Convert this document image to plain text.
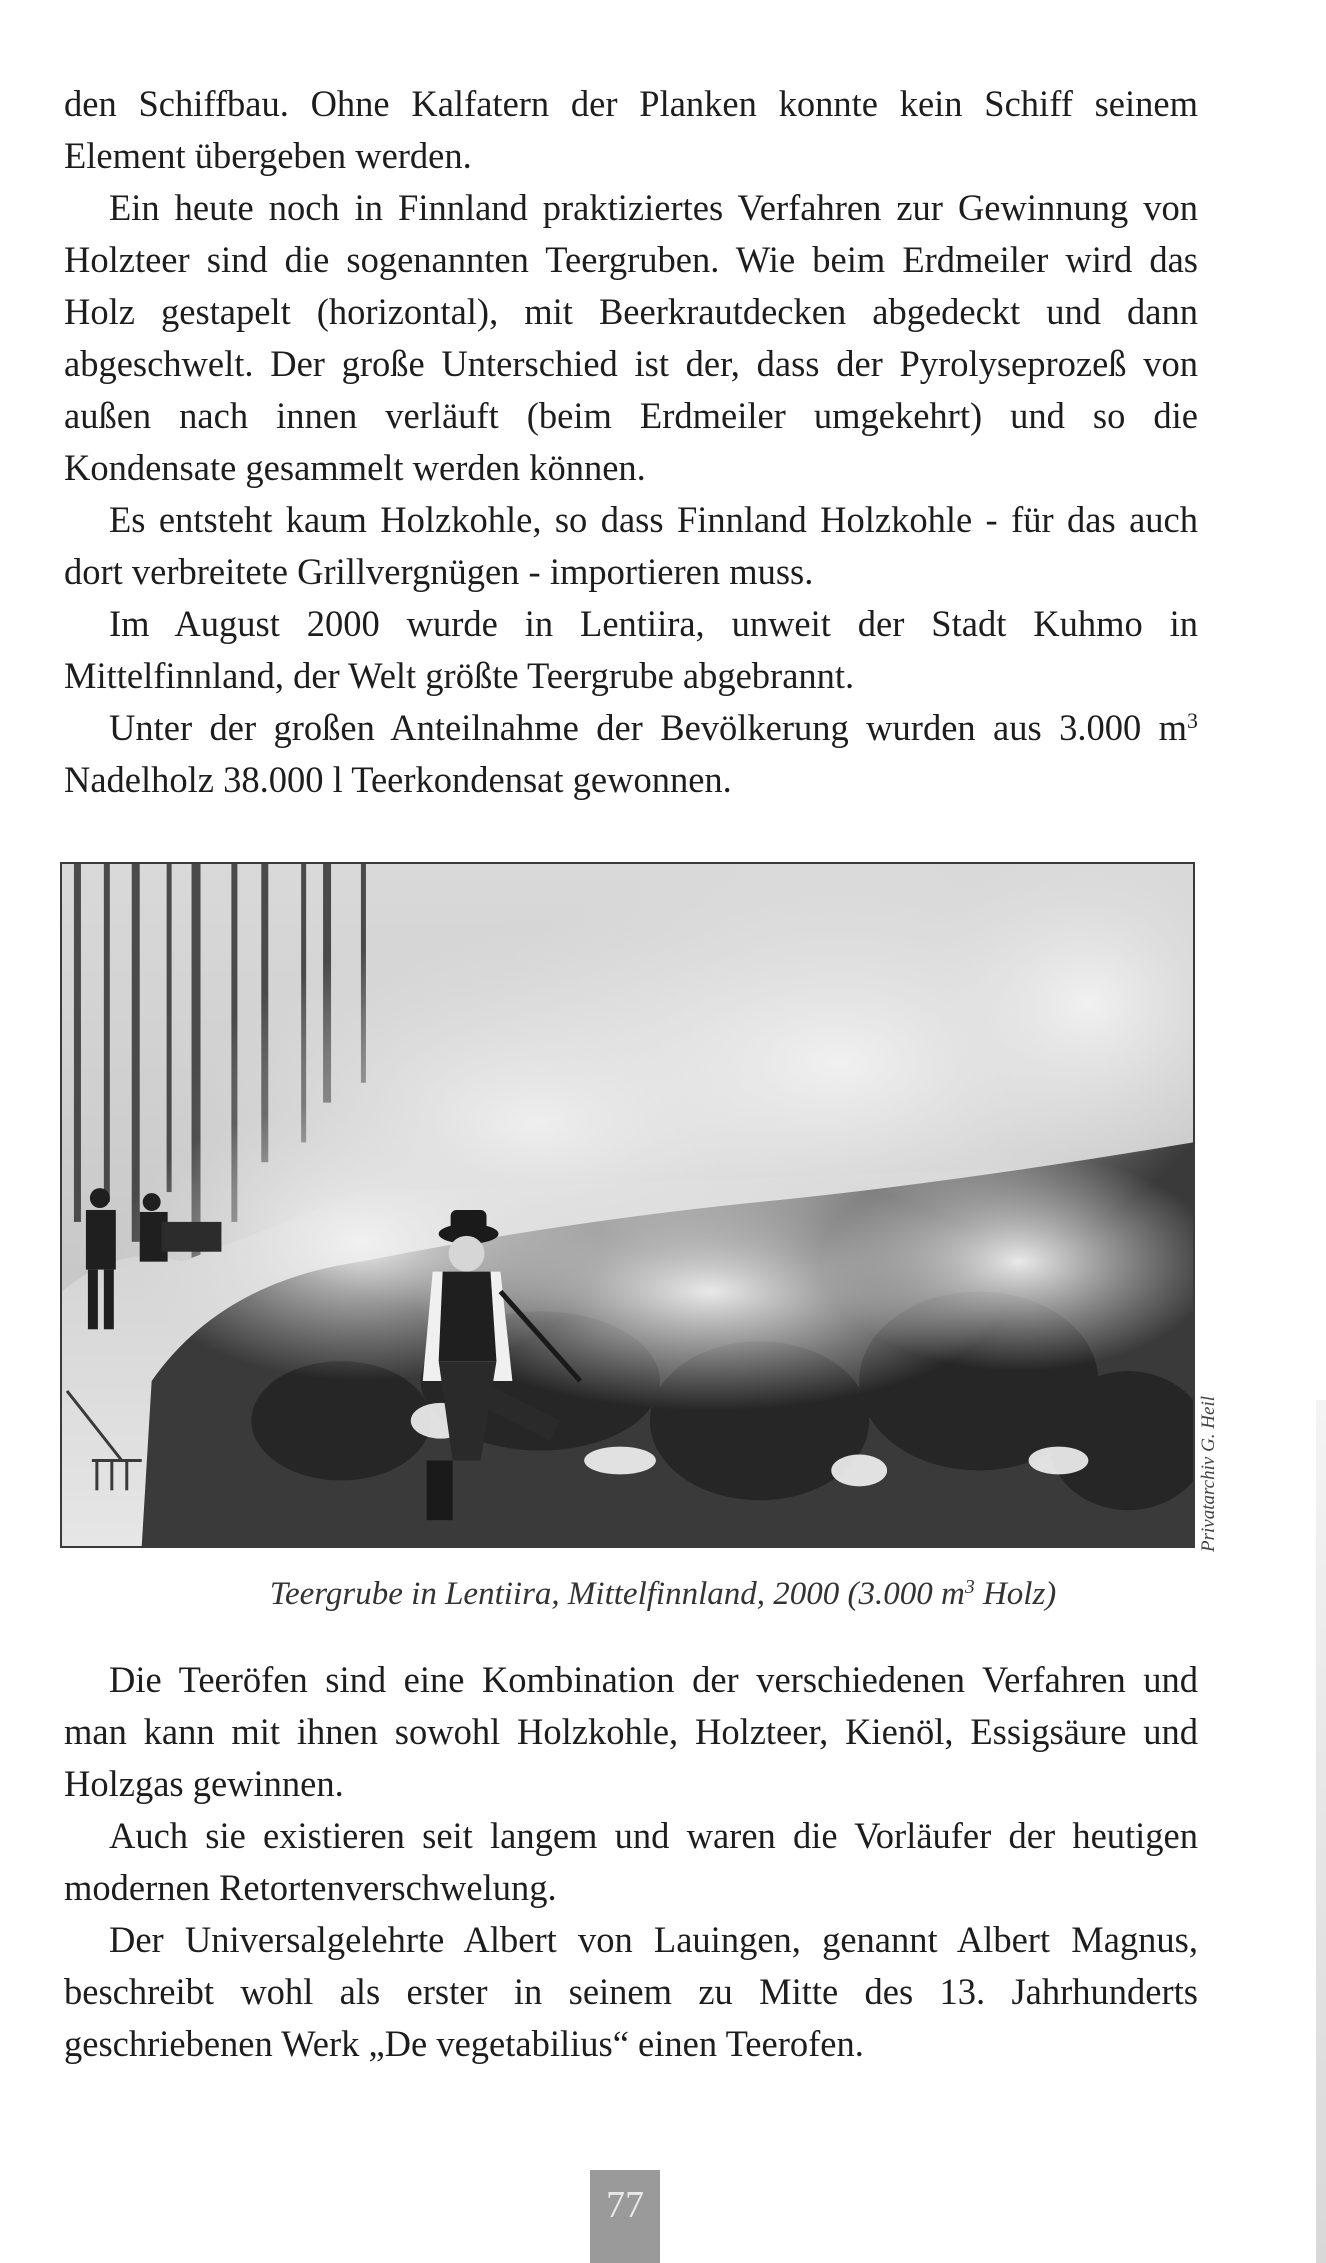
den Schiffbau. Ohne Kalfatern der Planken konnte kein Schiff seinem Element übergeben werden.

Ein heute noch in Finnland praktiziertes Verfahren zur Gewinnung von Holzteer sind die sogenannten Teergruben. Wie beim Erdmeiler wird das Holz gestapelt (horizontal), mit Beerkrautdecken abgedeckt und dann abgeschwelt. Der große Unterschied ist der, dass der Pyrolyseprozeß von außen nach innen verläuft (beim Erdmeiler umgekehrt) und so die Kondensate gesammelt werden können.

Es entsteht kaum Holzkohle, so dass Finnland Holzkohle - für das auch dort verbreitete Grillvergnügen - importieren muss.

Im August 2000 wurde in Lentiira, unweit der Stadt Kuhmo in Mittelfinnland, der Welt größte Teergrube abgebrannt.

Unter der großen Anteilnahme der Bevölkerung wurden aus 3.000 $m^3$ Nadelholz 38.000 l Teerkondensat gewonnen.

Privatarchiv G. Heil
Teergrube in Lentiira, Mittelfinnland, 2000 (3.000 $m^3$ Holz)

Die Teeröfen sind eine Kombination der verschiedenen Verfahren und man kann mit ihnen sowohl Holzkohle, Holzteer, Kienöl, Essigsäure und Holzgas gewinnen.

Auch sie existieren seit langem und waren die Vorläufer der heutigen modernen Retortenverschwelung.

Der Universalgelehrte Albert von Lauingen, genannt Albert Magnus, beschreibt wohl als erster in seinem zu Mitte des 13. Jahrhunderts geschriebenen Werk „De vegetabilius“ einen Teerofen.

77
